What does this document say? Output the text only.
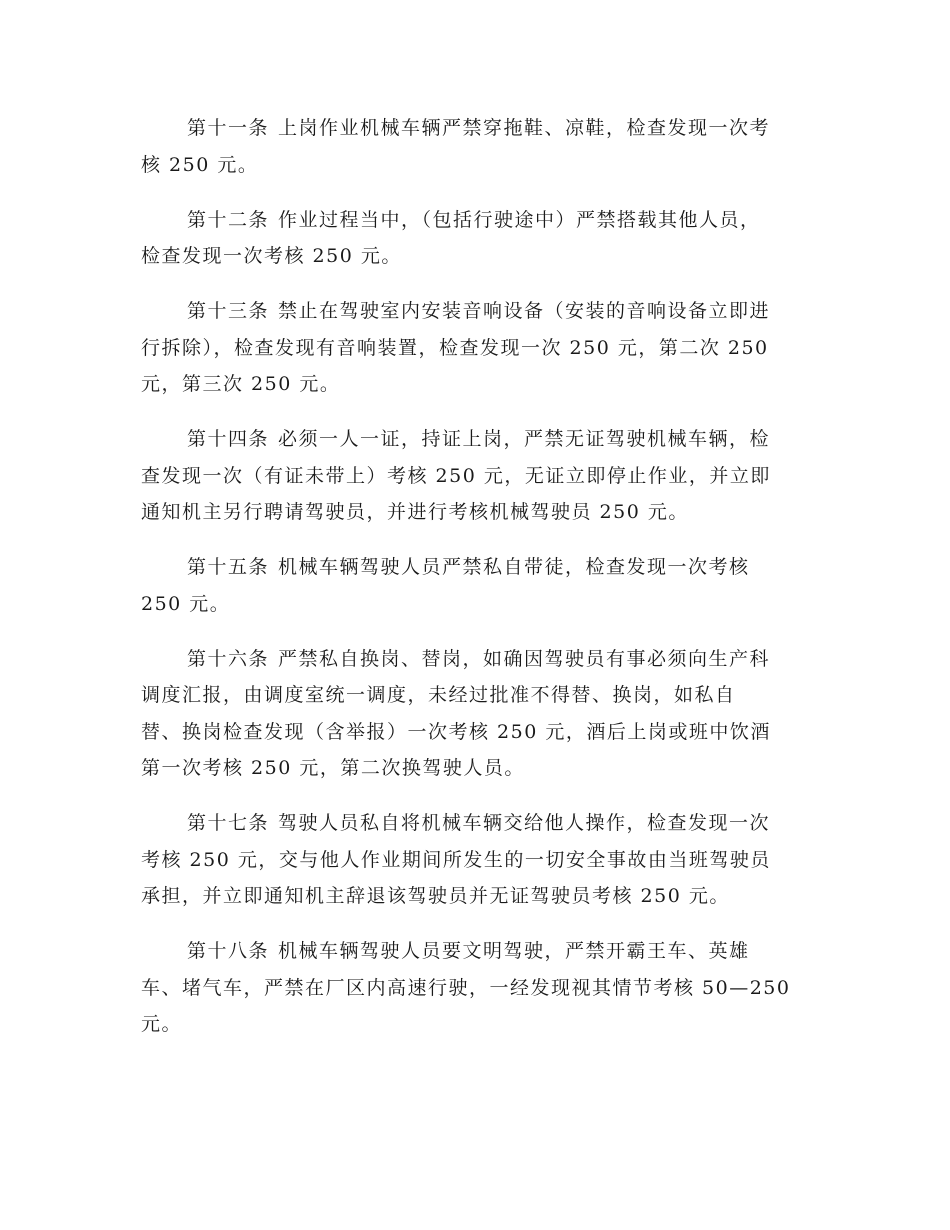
第十一条 上岗作业机械车辆严禁穿拖鞋、凉鞋，检查发现一次考
核 250 元。
第十二条 作业过程当中，（包括行驶途中）严禁搭载其他人员，
检查发现一次考核 250 元。
第十三条 禁止在驾驶室内安装音响设备（安装的音响设备立即进
行拆除），检查发现有音响装置，检查发现一次 250 元，第二次 250
元，第三次 250 元。
第十四条 必须一人一证，持证上岗，严禁无证驾驶机械车辆，检
查发现一次（有证未带上）考核 250 元，无证立即停止作业，并立即
通知机主另行聘请驾驶员，并进行考核机械驾驶员 250 元。
第十五条 机械车辆驾驶人员严禁私自带徒，检查发现一次考核
250 元。
第十六条 严禁私自换岗、替岗，如确因驾驶员有事必须向生产科
调度汇报，由调度室统一调度，未经过批准不得替、换岗，如私自
替、换岗检查发现（含举报）一次考核 250 元，酒后上岗或班中饮酒
第一次考核 250 元，第二次换驾驶人员。
第十七条 驾驶人员私自将机械车辆交给他人操作，检查发现一次
考核 250 元，交与他人作业期间所发生的一切安全事故由当班驾驶员
承担，并立即通知机主辞退该驾驶员并无证驾驶员考核 250 元。
第十八条 机械车辆驾驶人员要文明驾驶，严禁开霸王车、英雄
车、堵气车，严禁在厂区内高速行驶，一经发现视其情节考核 50—250
元。
